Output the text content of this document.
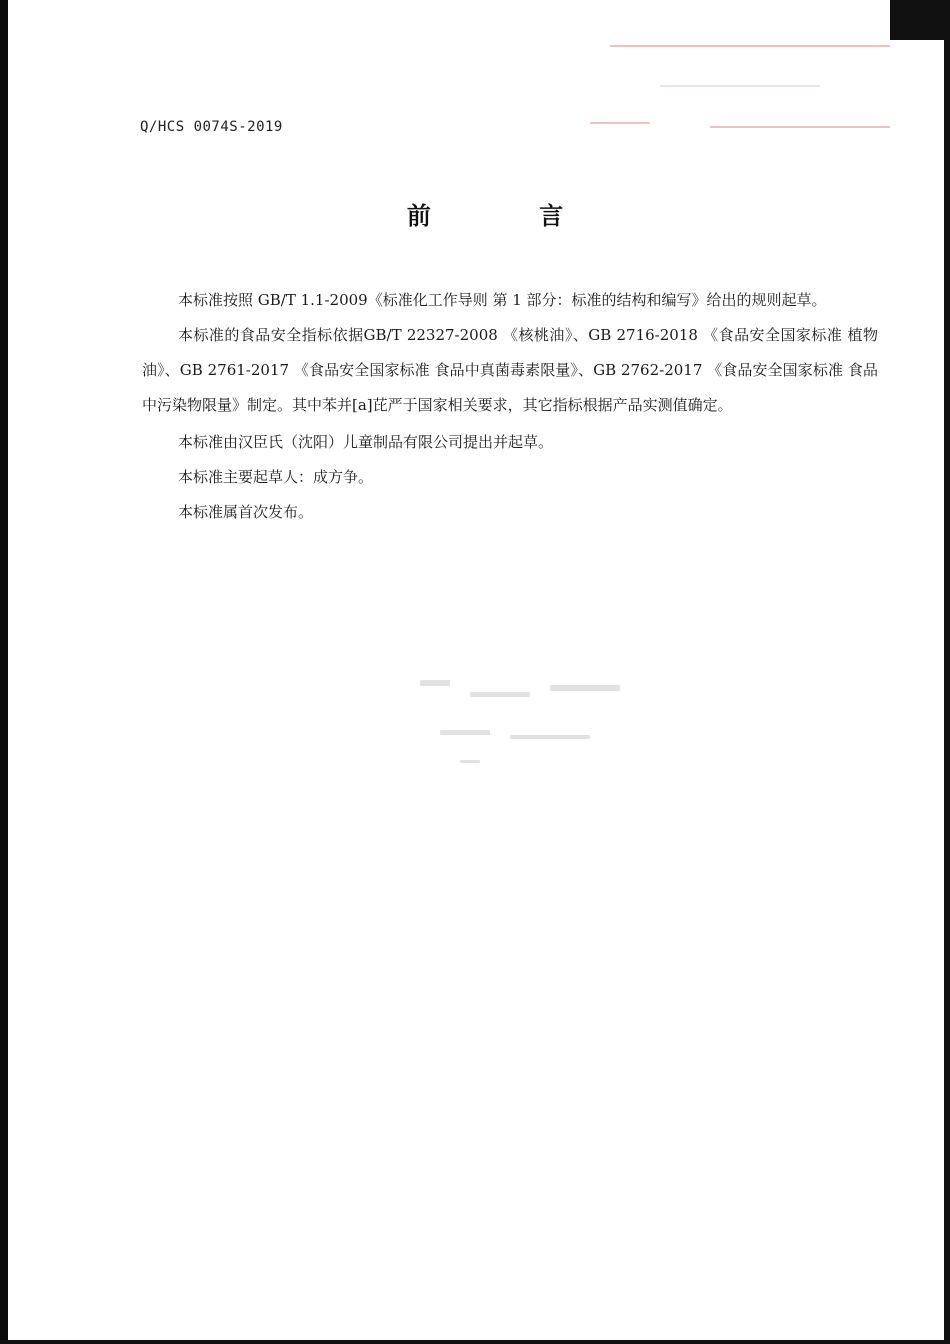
Q/HCS 0074S-2019
前 言

本标准按照 GB/T 1.1-2009《标准化工作导则 第 1 部分：标准的结构和编写》给出的规则起草。

本标准的食品安全指标依据GB/T 22327-2008 《核桃油》、GB 2716-2018 《食品安全国家标准 植物油》、GB 2761-2017 《食品安全国家标准 食品中真菌毒素限量》、GB 2762-2017 《食品安全国家标准 食品中污染物限量》制定。其中苯并[a]芘严于国家相关要求，其它指标根据产品实测值确定。

本标准由汉臣氏（沈阳）儿童制品有限公司提出并起草。

本标准主要起草人：成方争。

本标准属首次发布。
